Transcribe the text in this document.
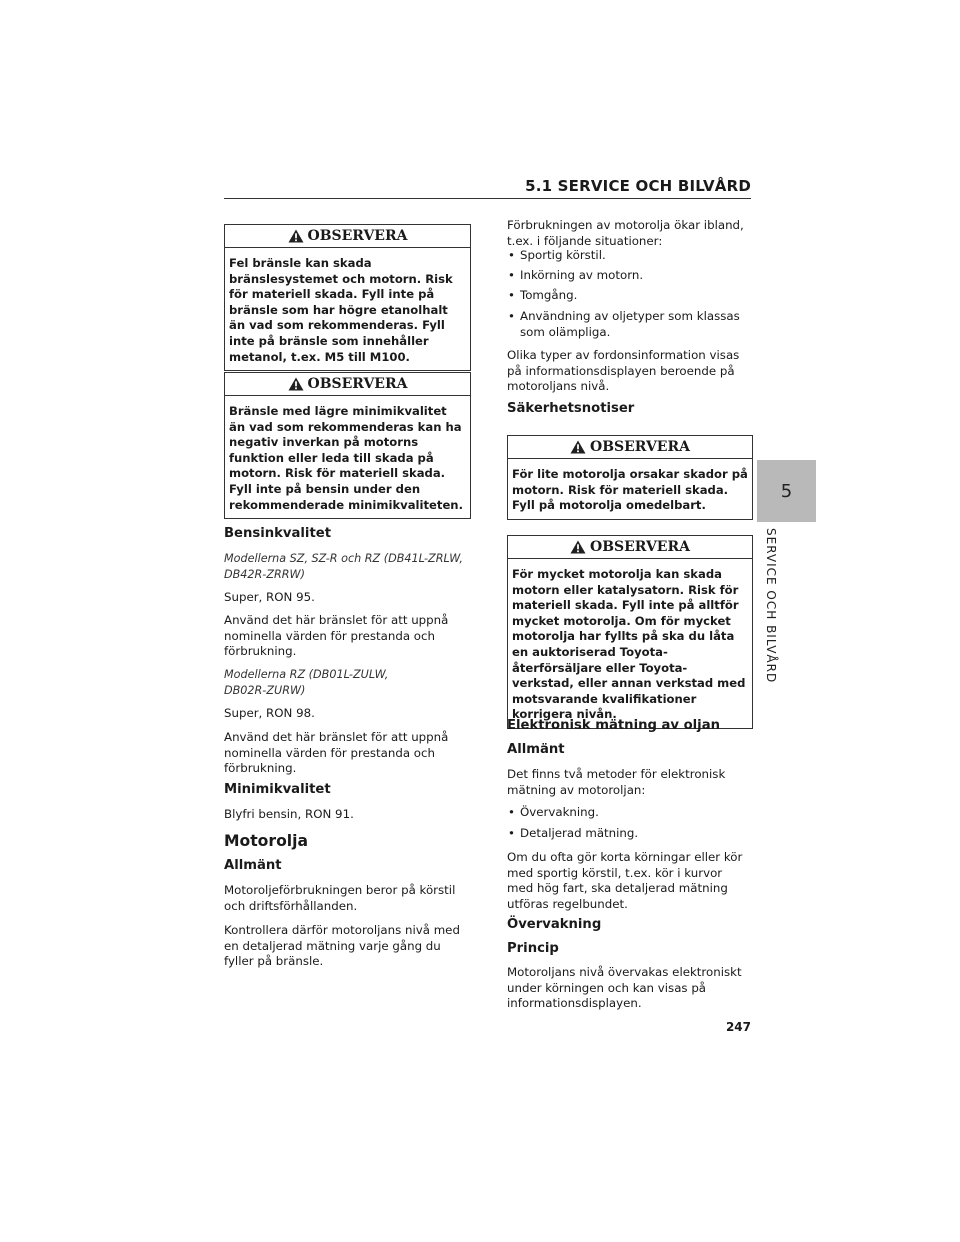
5.1 SERVICE OCH BILVÅRD
5
SERVICE OCH BILVÅRD
OBSERVERA
Fel bränsle kan skada bränslesystemet och motorn. Risk för materiell skada. Fyll inte på bränsle som har högre etanolhalt än vad som rekommenderas. Fyll inte på bränsle som innehåller metanol, t.ex. M5 till M100.
OBSERVERA
Bränsle med lägre minimikvalitet än vad som rekommenderas kan ha negativ inverkan på motorns funktion eller leda till skada på motorn. Risk för materiell skada. Fyll inte på bensin under den rekommenderade minimikvaliteten.
Bensinkvalitet
Modellerna SZ, SZ-R och RZ (DB41L-ZRLW, DB42R-ZRRW)
Super, RON 95.
Använd det här bränslet för att uppnå nominella värden för prestanda och förbrukning.
Modellerna RZ (DB01L-ZULW, DB02R-ZURW)
Super, RON 98.
Använd det här bränslet för att uppnå nominella värden för prestanda och förbrukning.
Minimikvalitet
Blyfri bensin, RON 91.
Motorolja
Allmänt
Motoroljeförbrukningen beror på körstil och driftsförhållanden.
Kontrollera därför motoroljans nivå med en detaljerad mätning varje gång du fyller på bränsle.
Förbrukningen av motorolja ökar ibland, t.ex. i följande situationer:
• Sportig körstil.
• Inkörning av motorn.
• Tomgång.
• Användning av oljetyper som klassas som olämpliga.
Olika typer av fordonsinformation visas på informationsdisplayen beroende på motoroljans nivå.
Säkerhetsnotiser
OBSERVERA
För lite motorolja orsakar skador på motorn. Risk för materiell skada. Fyll på motorolja omedelbart.
OBSERVERA
För mycket motorolja kan skada motorn eller katalysatorn. Risk för materiell skada. Fyll inte på alltför mycket motorolja. Om för mycket motorolja har fyllts på ska du låta en auktoriserad Toyota-återförsäljare eller Toyota-verkstad, eller annan verkstad med motsvarande kvalifikationer korrigera nivån.
Elektronisk mätning av oljan
Allmänt
Det finns två metoder för elektronisk mätning av motoroljan:
• Övervakning.
• Detaljerad mätning.
Om du ofta gör korta körningar eller kör med sportig körstil, t.ex. kör i kurvor med hög fart, ska detaljerad mätning utföras regelbundet.
Övervakning
Princip
Motoroljans nivå övervakas elektroniskt under körningen och kan visas på informationsdisplayen.
247
